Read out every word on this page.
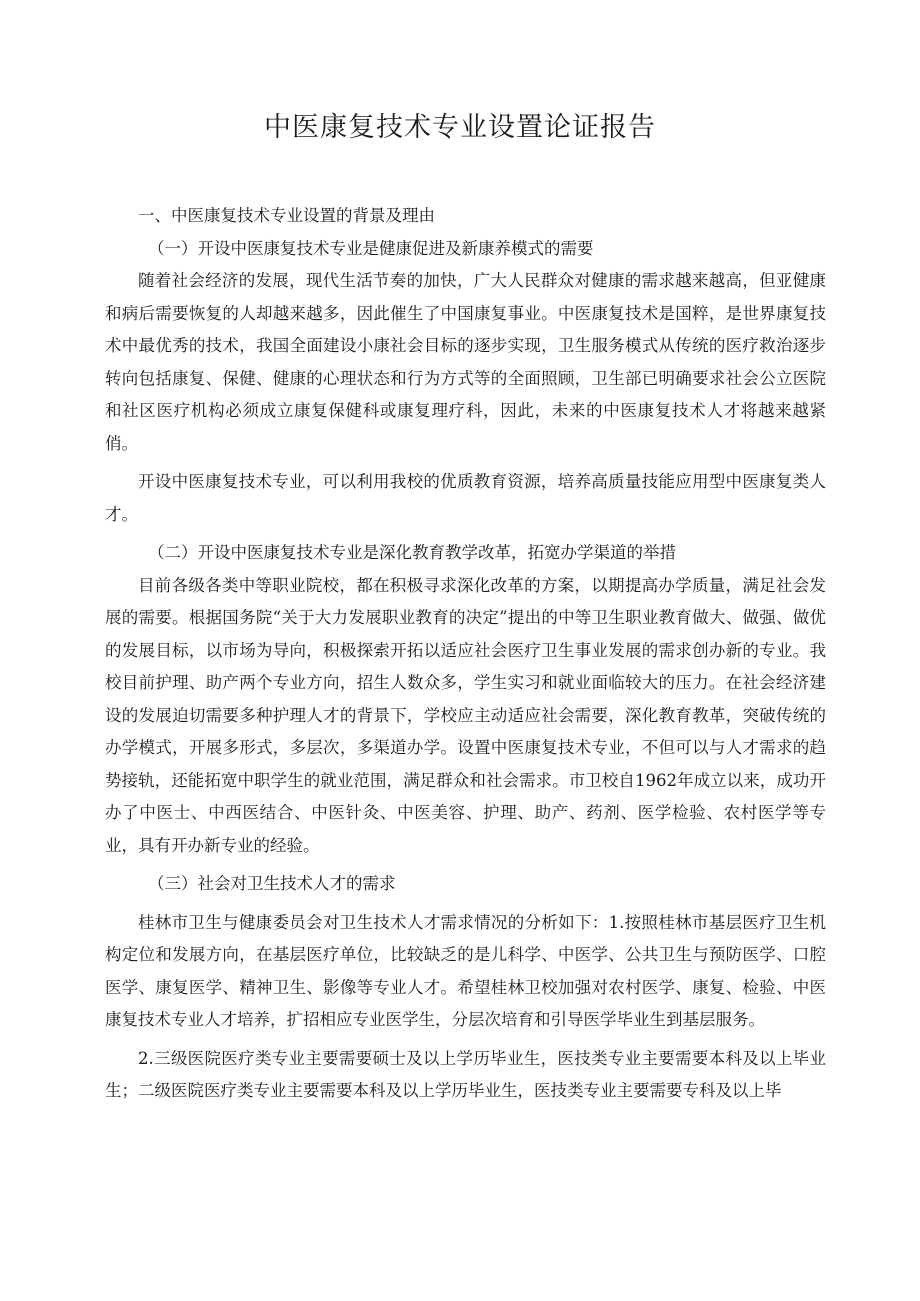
中医康复技术专业设置论证报告
一、中医康复技术专业设置的背景及理由
（一）开设中医康复技术专业是健康促进及新康养模式的需要
随着社会经济的发展，现代生活节奏的加快，广大人民群众对健康的需求越来越高，但亚健康和病后需要恢复的人却越来越多，因此催生了中国康复事业。中医康复技术是国粹，是世界康复技术中最优秀的技术，我国全面建设小康社会目标的逐步实现，卫生服务模式从传统的医疗救治逐步转向包括康复、保健、健康的心理状态和行为方式等的全面照顾，卫生部已明确要求社会公立医院和社区医疗机构必须成立康复保健科或康复理疗科，因此，未来的中医康复技术人才将越来越紧俏。
开设中医康复技术专业，可以利用我校的优质教育资源，培养高质量技能应用型中医康复类人才。
（二）开设中医康复技术专业是深化教育教学改革，拓宽办学渠道的举措
目前各级各类中等职业院校，都在积极寻求深化改革的方案，以期提高办学质量，满足社会发展的需要。根据国务院“关于大力发展职业教育的决定”提出的中等卫生职业教育做大、做强、做优的发展目标，以市场为导向，积极探索开拓以适应社会医疗卫生事业发展的需求创办新的专业。我校目前护理、助产两个专业方向，招生人数众多，学生实习和就业面临较大的压力。在社会经济建设的发展迫切需要多种护理人才的背景下，学校应主动适应社会需要，深化教育教革，突破传统的办学模式，开展多形式，多层次，多渠道办学。设置中医康复技术专业，不但可以与人才需求的趋势接轨，还能拓宽中职学生的就业范围，满足群众和社会需求。市卫校自1962年成立以来，成功开办了中医士、中西医结合、中医针灸、中医美容、护理、助产、药剂、医学检验、农村医学等专业，具有开办新专业的经验。
（三）社会对卫生技术人才的需求
桂林市卫生与健康委员会对卫生技术人才需求情况的分析如下：1.按照桂林市基层医疗卫生机构定位和发展方向，在基层医疗单位，比较缺乏的是儿科学、中医学、公共卫生与预防医学、口腔医学、康复医学、精神卫生、影像等专业人才。希望桂林卫校加强对农村医学、康复、检验、中医康复技术专业人才培养，扩招相应专业医学生，分层次培育和引导医学毕业生到基层服务。
2.三级医院医疗类专业主要需要硕士及以上学历毕业生，医技类专业主要需要本科及以上毕业生；二级医院医疗类专业主要需要本科及以上学历毕业生，医技类专业主要需要专科及以上毕
